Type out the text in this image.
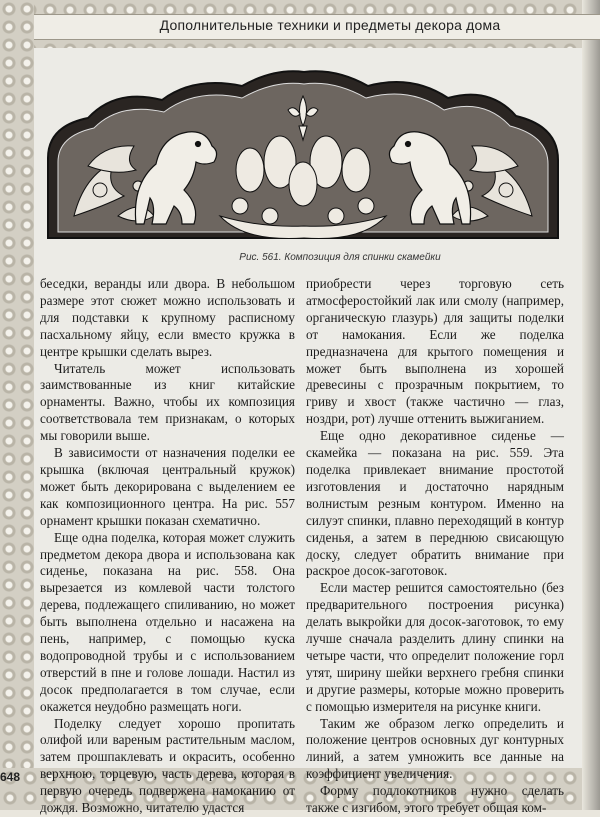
Дополнительные техники и предметы декора дома
Рис. 561. Композиция для спинки скамейки

беседки, веранды или двора. В небольшом размере этот сюжет можно использовать и для подставки к крупному расписному пасхальному яйцу, если вместо кружка в центре крышки сделать вырез.

Читатель может использовать заимствованные из книг китайские орнаменты. Важно, чтобы их композиция соответствовала тем признакам, о которых мы говорили выше.

В зависимости от назначения поделки ее крышка (включая центральный кружок) может быть декорирована с выделением ее как композиционного центра. На рис. 557 орнамент крышки показан схематично.

Еще одна поделка, которая может служить предметом декора двора и использована как сиденье, показана на рис. 558. Она вырезается из комлевой части толстого дерева, подлежащего спиливанию, но может быть выполнена отдельно и насажена на пень, например, с помощью куска водопроводной трубы и с использованием отверстий в пне и голове лошади. Настил из досок предполагается в том случае, если окажется неудобно размещать ноги.

Поделку следует хорошо пропитать олифой или вареным растительным маслом, затем прошпаклевать и окрасить, особенно верхнюю, торцевую, часть дерева, которая в первую очередь подвержена намоканию от дождя. Возможно, читателю удастся

приобрести через торговую сеть атмосферостойкий лак или смолу (например, органическую глазурь) для защиты поделки от намокания. Если же поделка предназначена для крытого помещения и может быть выполнена из хорошей древесины с прозрачным покрытием, то гриву и хвост (также частично — глаз, ноздри, рот) лучше оттенить выжиганием.

Еще одно декоративное сиденье — скамейка — показана на рис. 559. Эта поделка привлекает внимание простотой изготовления и достаточно нарядным волнистым резным контуром. Именно на силуэт спинки, плавно переходящий в контур сиденья, а затем в переднюю свисающую доску, следует обратить внимание при раскрое досок-заготовок.

Если мастер решится самостоятельно (без предварительного построения рисунка) делать выкройки для досок-заготовок, то ему лучше сначала разделить длину спинки на четыре части, что определит положение горл утят, ширину шейки верхнего гребня спинки и другие размеры, которые можно проверить с помощью измерителя на рисунке книги.

Таким же образом легко определить и положение центров основных дуг контурных линий, а затем умножить все данные на коэффициент увеличения.

Форму подлокотников нужно сделать также с изгибом, этого требует общая ком-

648
